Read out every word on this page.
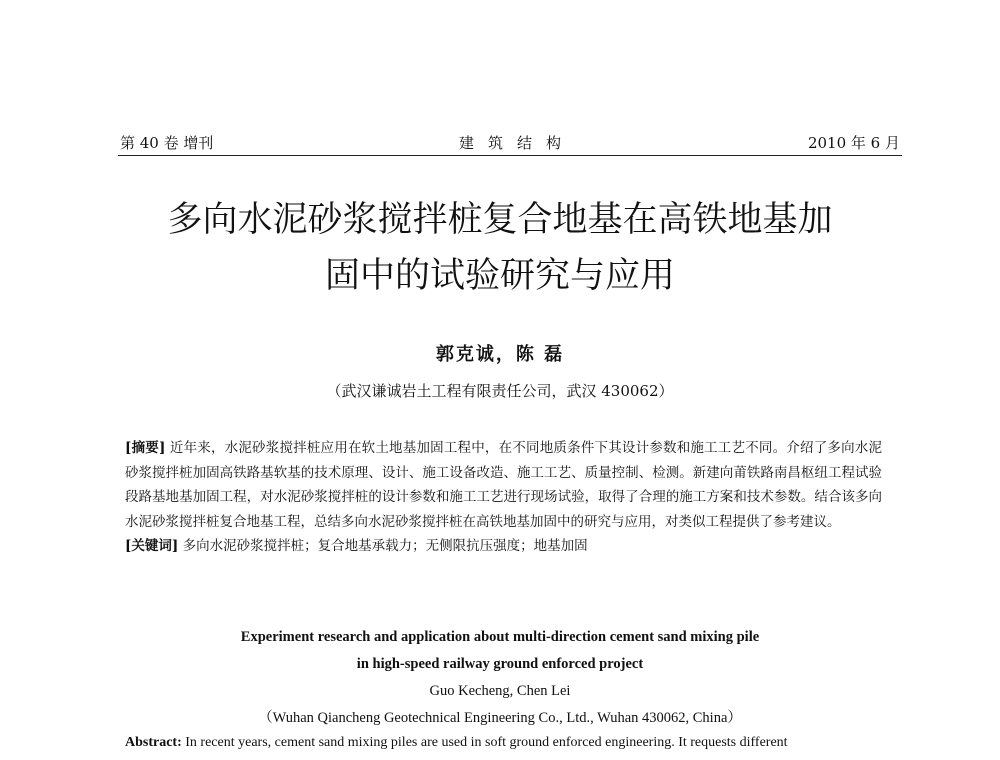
第 40 卷 增刊	建筑结构	2010 年 6 月
多向水泥砂浆搅拌桩复合地基在高铁地基加
固中的试验研究与应用
郭克诚，陈 磊
（武汉谦诚岩土工程有限责任公司，武汉 430062）

[摘要] 近年来，水泥砂浆搅拌桩应用在软土地基加固工程中，在不同地质条件下其设计参数和施工工艺不同。介绍了多向水泥砂浆搅拌桩加固高铁路基软基的技术原理、设计、施工设备改造、施工工艺、质量控制、检测。新建向莆铁路南昌枢纽工程试验段路基地基加固工程，对水泥砂浆搅拌桩的设计参数和施工工艺进行现场试验，取得了合理的施工方案和技术参数。结合该多向水泥砂浆搅拌桩复合地基工程，总结多向水泥砂浆搅拌桩在高铁地基加固中的研究与应用，对类似工程提供了参考建议。

[关键词] 多向水泥砂浆搅拌桩；复合地基承载力；无侧限抗压强度；地基加固

Experiment research and application about multi-direction cement sand mixing pile
in high-speed railway ground enforced project
Guo Kecheng, Chen Lei
（Wuhan Qiancheng Geotechnical Engineering Co., Ltd., Wuhan 430062, China）
Abstract: In recent years, cement sand mixing piles are used in soft ground enforced engineering. It requests different
